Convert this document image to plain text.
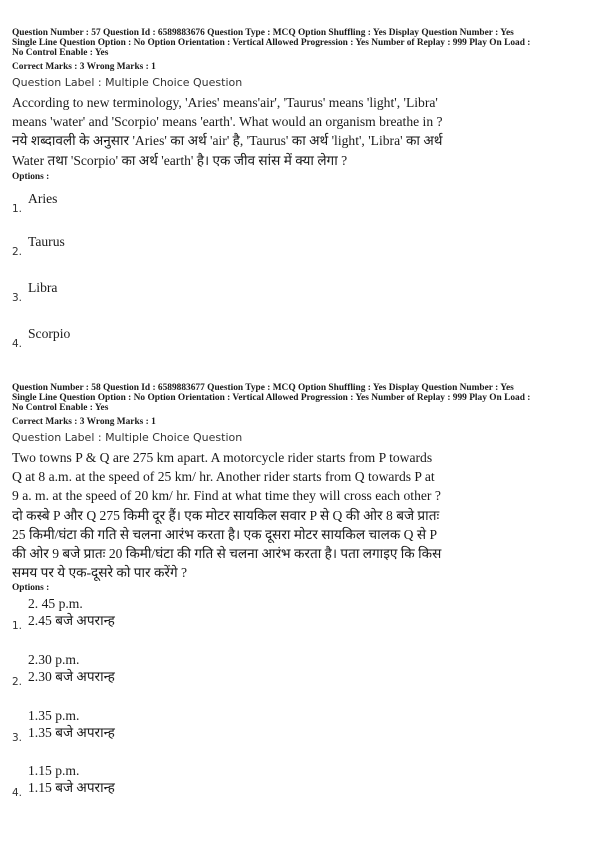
Question Number : 57 Question Id : 6589883676 Question Type : MCQ Option Shuffling : Yes Display Question Number : Yes
Single Line Question Option : No Option Orientation : Vertical Allowed Progression : Yes Number of Replay : 999 Play On Load :
No Control Enable : Yes
Correct Marks : 3 Wrong Marks : 1
Question Label : Multiple Choice Question
According to new terminology, 'Aries' means'air', 'Taurus' means 'light', 'Libra'
means 'water' and 'Scorpio' means 'earth'. What would an organism breathe in ?
नये शब्दावली के अनुसार 'Aries' का अर्थ 'air' है, 'Taurus' का अर्थ 'light', 'Libra' का अर्थ
Water तथा 'Scorpio' का अर्थ 'earth' है। एक जीव सांस में क्या लेगा ?
Options :
Aries
1.
Taurus
2.
Libra
3.
Scorpio
4.
Question Number : 58 Question Id : 6589883677 Question Type : MCQ Option Shuffling : Yes Display Question Number : Yes
Single Line Question Option : No Option Orientation : Vertical Allowed Progression : Yes Number of Replay : 999 Play On Load :
No Control Enable : Yes
Correct Marks : 3 Wrong Marks : 1
Question Label : Multiple Choice Question
Two towns P & Q are 275 km apart. A motorcycle rider starts from P towards
Q at 8 a.m. at the speed of 25 km/ hr. Another rider starts from Q towards P at
9 a. m. at the speed of 20 km/ hr. Find at what time they will cross each other ?
दो कस्बे P और Q 275 किमी दूर हैं। एक मोटर सायकिल सवार P से Q की ओर 8 बजे प्रातः
25 किमी/घंटा की गति से चलना आरंभ करता है। एक दूसरा मोटर सायकिल चालक Q से P
की ओर 9 बजे प्रातः 20 किमी/घंटा की गति से चलना आरंभ करता है। पता लगाइए कि किस
समय पर ये एक-दूसरे को पार करेंगे ?
Options :
2. 45 p.m.
2.45 बजे अपरान्ह
1.
2.30 p.m.
2.30 बजे अपरान्ह
2.
1.35 p.m.
1.35 बजे अपरान्ह
3.
1.15 p.m.
1.15 बजे अपरान्ह
4.
